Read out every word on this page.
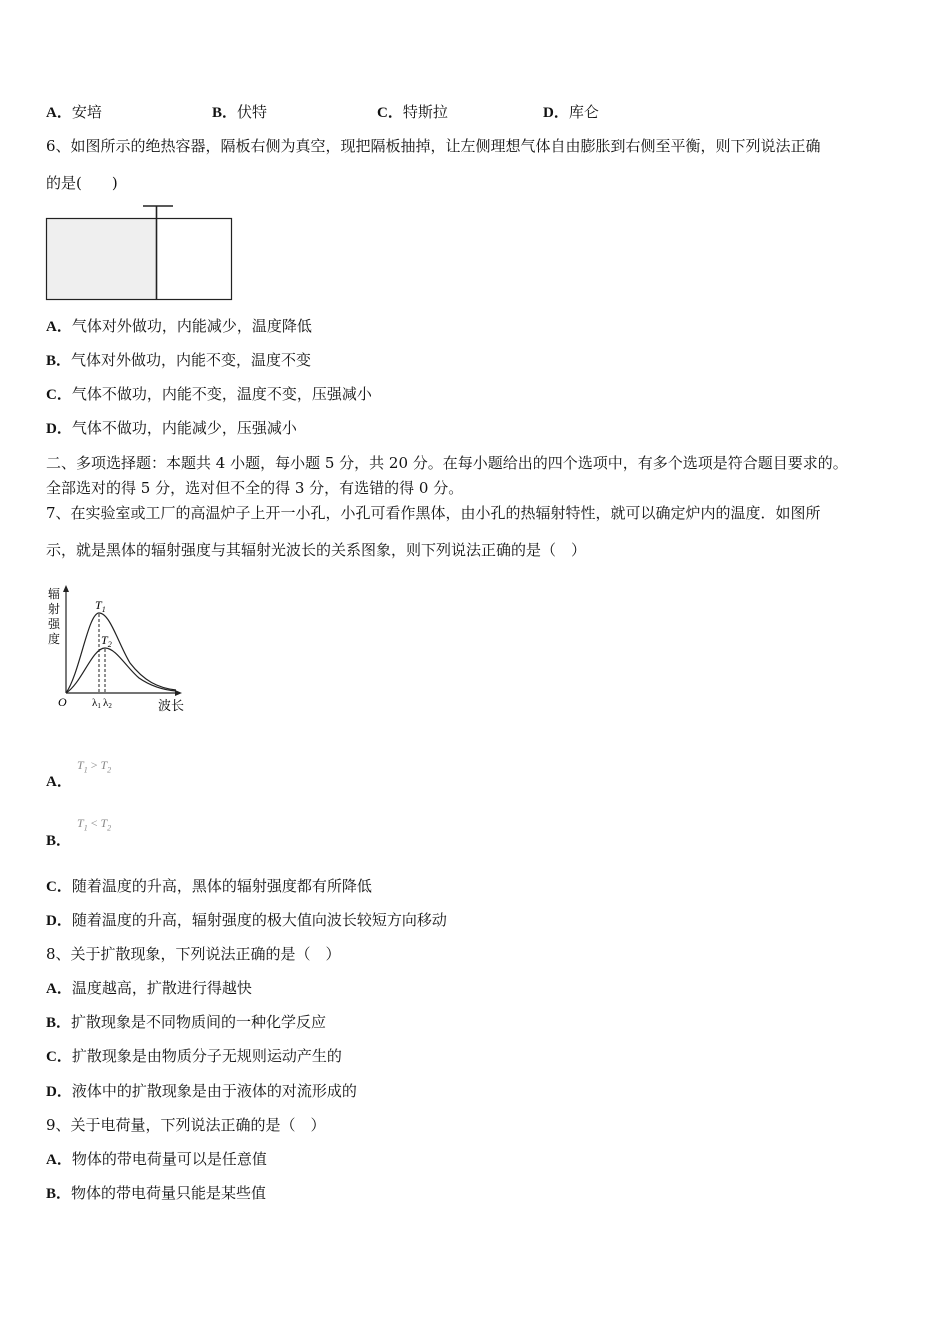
A．安培	B．伏特	C．特斯拉	D．库仑
6、如图所示的绝热容器，隔板右侧为真空，现把隔板抽掉，让左侧理想气体自由膨胀到右侧至平衡，则下列说法正确
的是(　　)
A．气体对外做功，内能减少，温度降低
B．气体对外做功，内能不变，温度不变
C．气体不做功，内能不变，温度不变，压强减小
D．气体不做功，内能减少，压强减小
二、多项选择题：本题共 4 小题，每小题 5 分，共 20 分。在每小题给出的四个选项中，有多个选项是符合题目要求的。
全部选对的得 5 分，选对但不全的得 3 分，有选错的得 0 分。
7、在实验室或工厂的高温炉子上开一小孔，小孔可看作黑体，由小孔的热辐射特性，就可以确定炉内的温度．如图所
示，就是黑体的辐射强度与其辐射光波长的关系图象，则下列说法正确的是（　）
辐
射
强
度
$T_1$
$T_2$
O λ1 λ2	波长
A．
$T_1 > T_2$
B．
$T_1 < T_2$
C．随着温度的升高，黑体的辐射强度都有所降低
D．随着温度的升高，辐射强度的极大值向波长较短方向移动
8、关于扩散现象，下列说法正确的是（　）
A．温度越高，扩散进行得越快
B．扩散现象是不同物质间的一种化学反应
C．扩散现象是由物质分子无规则运动产生的
D．液体中的扩散现象是由于液体的对流形成的
9、关于电荷量，下列说法正确的是（　）
A．物体的带电荷量可以是任意值
B．物体的带电荷量只能是某些值
